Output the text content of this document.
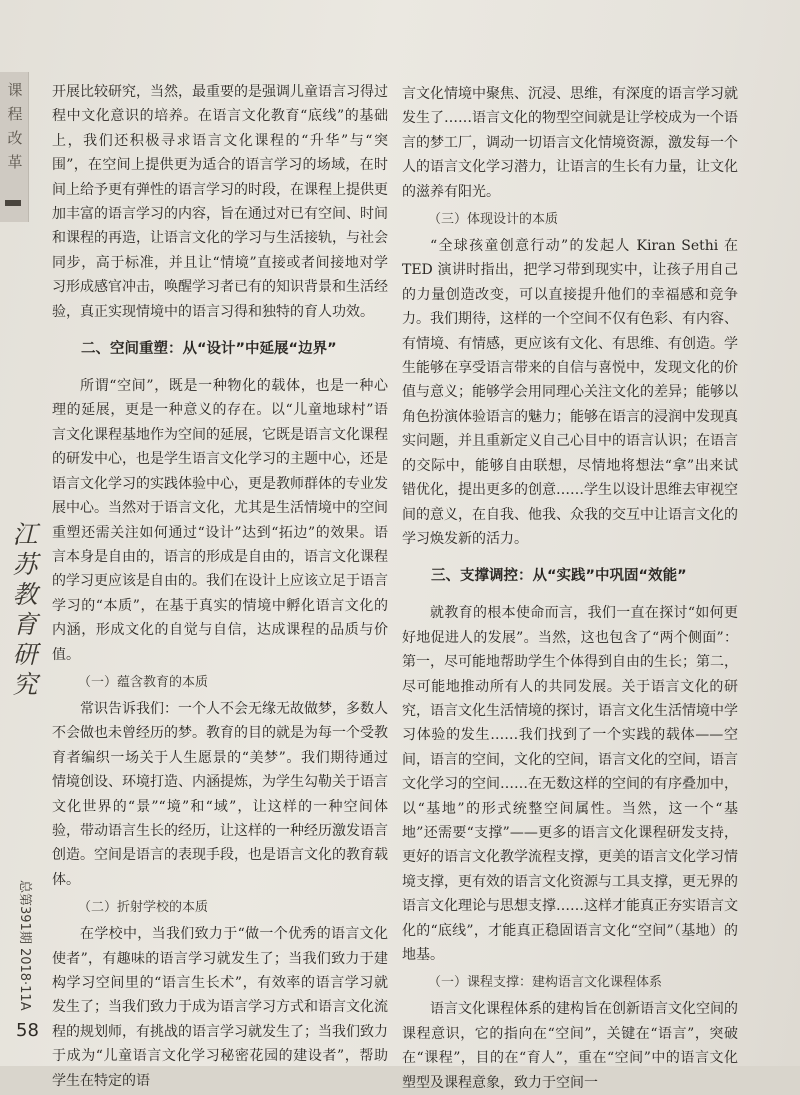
课程改革
江苏教育研究
总第391期 2018·11A
58

开展比较研究，当然，最重要的是强调儿童语言习得过程中文化意识的培养。在语言文化教育“底线”的基础上，我们还积极寻求语言文化课程的“升华”与“突围”，在空间上提供更为适合的语言学习的场域，在时间上给予更有弹性的语言学习的时段，在课程上提供更加丰富的语言学习的内容，旨在通过对已有空间、时间和课程的再造，让语言文化的学习与生活接轨，与社会同步，高于标准，并且让“情境”直接或者间接地对学习形成感官冲击，唤醒学习者已有的知识背景和生活经验，真正实现情境中的语言习得和独特的育人功效。

二、空间重塑：从“设计”中延展“边界”

所谓“空间”，既是一种物化的载体，也是一种心理的延展，更是一种意义的存在。以“儿童地球村”语言文化课程基地作为空间的延展，它既是语言文化课程的研发中心，也是学生语言文化学习的主题中心，还是语言文化学习的实践体验中心，更是教师群体的专业发展中心。当然对于语言文化，尤其是生活情境中的空间重塑还需关注如何通过“设计”达到“拓边”的效果。语言本身是自由的，语言的形成是自由的，语言文化课程的学习更应该是自由的。我们在设计上应该立足于语言学习的“本质”，在基于真实的情境中孵化语言文化的内涵，形成文化的自觉与自信，达成课程的品质与价值。

（一）蕴含教育的本质

常识告诉我们：一个人不会无缘无故做梦，多数人不会做也未曾经历的梦。教育的目的就是为每一个受教育者编织一场关于人生愿景的“美梦”。我们期待通过情境创设、环境打造、内涵提炼，为学生勾勒关于语言文化世界的“景”“境”和“域”，让这样的一种空间体验，带动语言生长的经历，让这样的一种经历激发语言创造。空间是语言的表现手段，也是语言文化的教育载体。

（二）折射学校的本质

在学校中，当我们致力于“做一个优秀的语言文化使者”，有趣味的语言学习就发生了；当我们致力于建构学习空间里的“语言生长术”，有效率的语言学习就发生了；当我们致力于成为语言学习方式和语言文化流程的规划师，有挑战的语言学习就发生了；当我们致力于成为“儿童语言文化学习秘密花园的建设者”，帮助学生在特定的语

言文化情境中聚焦、沉浸、思维，有深度的语言学习就发生了……语言文化的物型空间就是让学校成为一个语言的梦工厂，调动一切语言文化情境资源，激发每一个人的语言文化学习潜力，让语言的生长有力量，让文化的滋养有阳光。

（三）体现设计的本质

“全球孩童创意行动”的发起人 Kiran Sethi 在 TED 演讲时指出，把学习带到现实中，让孩子用自己的力量创造改变，可以直接提升他们的幸福感和竞争力。我们期待，这样的一个空间不仅有色彩、有内容、有情境、有情感，更应该有文化、有思维、有创造。学生能够在享受语言带来的自信与喜悦中，发现文化的价值与意义；能够学会用同理心关注文化的差异；能够以角色扮演体验语言的魅力；能够在语言的浸润中发现真实问题，并且重新定义自己心目中的语言认识；在语言的交际中，能够自由联想，尽情地将想法“拿”出来试错优化，提出更多的创意……学生以设计思维去审视空间的意义，在自我、他我、众我的交互中让语言文化的学习焕发新的活力。

三、支撑调控：从“实践”中巩固“效能”

就教育的根本使命而言，我们一直在探讨“如何更好地促进人的发展”。当然，这也包含了“两个侧面”：第一，尽可能地帮助学生个体得到自由的生长；第二，尽可能地推动所有人的共同发展。关于语言文化的研究，语言文化生活情境的探讨，语言文化生活情境中学习体验的发生……我们找到了一个实践的载体——空间，语言的空间，文化的空间，语言文化的空间，语言文化学习的空间……在无数这样的空间的有序叠加中，以“基地”的形式统整空间属性。当然，这一个“基地”还需要“支撑”——更多的语言文化课程研发支持，更好的语言文化教学流程支撑，更美的语言文化学习情境支撑，更有效的语言文化资源与工具支撑，更无界的语言文化理论与思想支撑……这样才能真正夯实语言文化的“底线”，才能真正稳固语言文化“空间”（基地）的地基。

（一）课程支撑：建构语言文化课程体系

语言文化课程体系的建构旨在创新语言文化空间的课程意识，它的指向在“空间”，关键在“语言”，突破在“课程”，目的在“育人”，重在“空间”中的语言文化塑型及课程意象，致力于空间一
